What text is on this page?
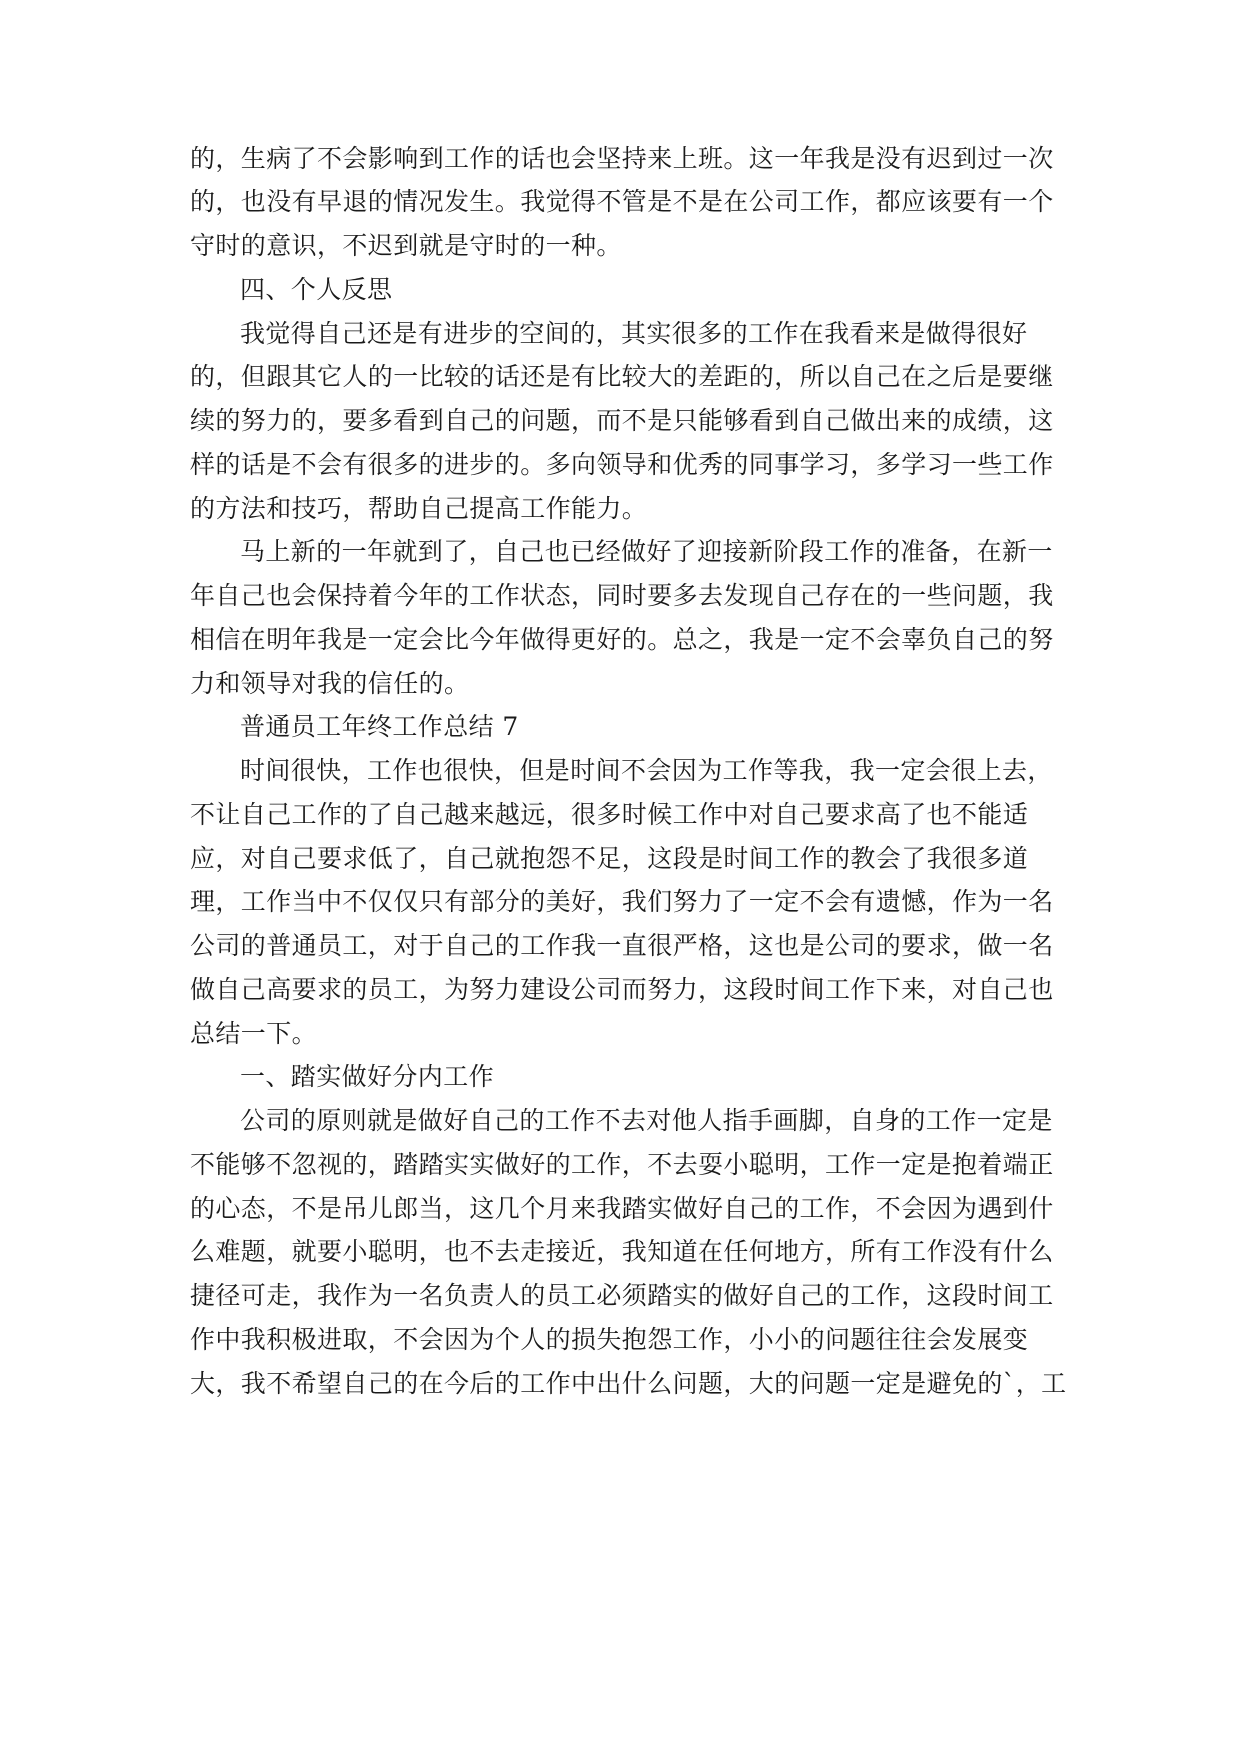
的，生病了不会影响到工作的话也会坚持来上班。这一年我是没有迟到过一次
的，也没有早退的情况发生。我觉得不管是不是在公司工作，都应该要有一个
守时的意识，不迟到就是守时的一种。
四、个人反思
我觉得自己还是有进步的空间的，其实很多的工作在我看来是做得很好
的，但跟其它人的一比较的话还是有比较大的差距的，所以自己在之后是要继
续的努力的，要多看到自己的问题，而不是只能够看到自己做出来的成绩，这
样的话是不会有很多的进步的。多向领导和优秀的同事学习，多学习一些工作
的方法和技巧，帮助自己提高工作能力。
马上新的一年就到了，自己也已经做好了迎接新阶段工作的准备，在新一
年自己也会保持着今年的工作状态，同时要多去发现自己存在的一些问题，我
相信在明年我是一定会比今年做得更好的。总之，我是一定不会辜负自己的努
力和领导对我的信任的。
普通员工年终工作总结 7
时间很快，工作也很快，但是时间不会因为工作等我，我一定会很上去，
不让自己工作的了自己越来越远，很多时候工作中对自己要求高了也不能适
应，对自己要求低了，自己就抱怨不足，这段是时间工作的教会了我很多道
理，工作当中不仅仅只有部分的美好，我们努力了一定不会有遗憾，作为一名
公司的普通员工，对于自己的工作我一直很严格，这也是公司的要求，做一名
做自己高要求的员工，为努力建设公司而努力，这段时间工作下来，对自己也
总结一下。
一、踏实做好分内工作
公司的原则就是做好自己的工作不去对他人指手画脚，自身的工作一定是
不能够不忽视的，踏踏实实做好的工作，不去耍小聪明，工作一定是抱着端正
的心态，不是吊儿郎当，这几个月来我踏实做好自己的工作，不会因为遇到什
么难题，就要小聪明，也不去走接近，我知道在任何地方，所有工作没有什么
捷径可走，我作为一名负责人的员工必须踏实的做好自己的工作，这段时间工
作中我积极进取，不会因为个人的损失抱怨工作，小小的问题往往会发展变
大，我不希望自己的在今后的工作中出什么问题，大的问题一定是避免的`，工
